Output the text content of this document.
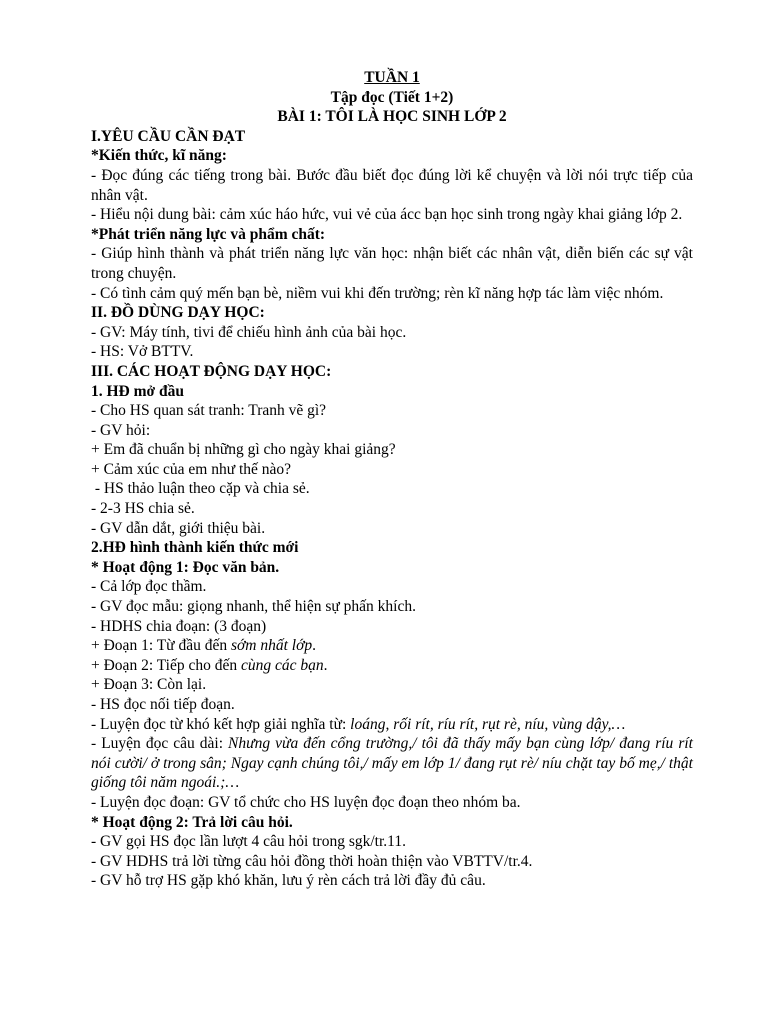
TUẦN 1

Tập đọc (Tiết 1+2)

BÀI 1: TÔI LÀ HỌC SINH LỚP 2

I.YÊU CẦU CẦN ĐẠT

*Kiến thức, kĩ năng:

- Đọc đúng các tiếng trong bài. Bước đầu biết đọc đúng lời kể chuyện và lời nói trực tiếp của nhân vật.

- Hiểu nội dung bài: cảm xúc háo hức, vui vẻ của ácc bạn học sinh trong ngày khai giảng lớp 2.

*Phát triển năng lực và phẩm chất:

- Giúp hình thành và phát triển năng lực văn học: nhận biết các nhân vật, diễn biến các sự vật trong chuyện.

- Có tình cảm quý mến bạn bè, niềm vui khi đến trường; rèn kĩ năng hợp tác làm việc nhóm.

II. ĐỒ DÙNG DẠY HỌC:

- GV: Máy tính, tivi để chiếu hình ảnh của bài học.

- HS: Vở BTTV.

III. CÁC HOẠT ĐỘNG DẠY HỌC:

1. HĐ mở đầu

- Cho HS quan sát tranh: Tranh vẽ gì?

- GV hỏi:

+ Em đã chuẩn bị những gì cho ngày khai giảng?

+ Cảm xúc của em như thế nào?

- HS thảo luận theo cặp và chia sẻ.

- 2-3 HS chia sẻ.

- GV dẫn dắt, giới thiệu bài.

2.HĐ hình thành kiến thức mới

* Hoạt động 1: Đọc văn bản.

- Cả lớp đọc thầm.

- GV đọc mẫu: giọng nhanh, thể hiện sự phấn khích.

- HDHS chia đoạn: (3 đoạn)

+ Đoạn 1: Từ đầu đến sớm nhất lớp.

+ Đoạn 2: Tiếp cho đến cùng các bạn.

+ Đoạn 3: Còn lại.

- HS đọc nối tiếp đoạn.

- Luyện đọc từ khó kết hợp giải nghĩa từ: loáng, rối rít, ríu rít, rụt rè, níu, vùng dậy,…

- Luyện đọc câu dài: Nhưng vừa đến cổng trường,/ tôi đã thấy mấy bạn cùng lớp/ đang ríu rít nói cười/ ở trong sân; Ngay cạnh chúng tôi,/ mấy em lớp 1/ đang rụt rè/ níu chặt tay bố mẹ,/ thật giống tôi năm ngoái.;…

- Luyện đọc đoạn: GV tổ chức cho HS luyện đọc đoạn theo nhóm ba.

* Hoạt động 2: Trả lời câu hỏi.

- GV gọi HS đọc lần lượt 4 câu hỏi trong sgk/tr.11.

- GV HDHS trả lời từng câu hỏi đồng thời hoàn thiện vào VBTTV/tr.4.

- GV hỗ trợ HS gặp khó khăn, lưu ý rèn cách trả lời đầy đủ câu.
